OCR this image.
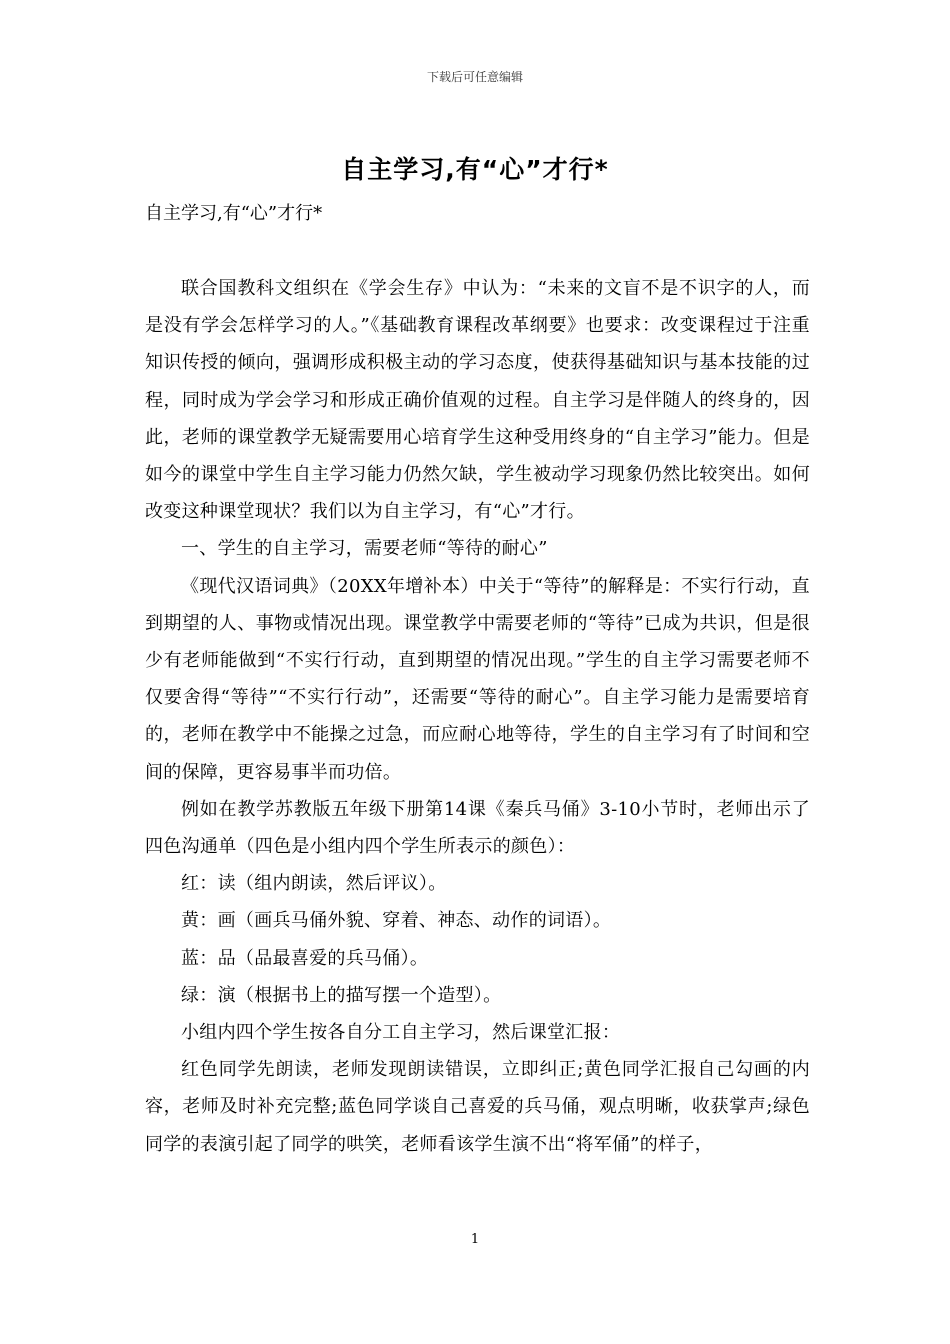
下载后可任意编辑
自主学习,有“心”才行*
自主学习,有“心”才行*

联合国教科文组织在《学会生存》中认为：“未来的文盲不是不识字的人，而是没有学会怎样学习的人。”《基础教育课程改革纲要》也要求：改变课程过于注重知识传授的倾向，强调形成积极主动的学习态度，使获得基础知识与基本技能的过程，同时成为学会学习和形成正确价值观的过程。自主学习是伴随人的终身的，因此，老师的课堂教学无疑需要用心培育学生这种受用终身的“自主学习”能力。但是如今的课堂中学生自主学习能力仍然欠缺，学生被动学习现象仍然比较突出。如何改变这种课堂现状？我们以为自主学习，有“心”才行。

一、学生的自主学习，需要老师“等待的耐心”

《现代汉语词典》（20XX年增补本）中关于“等待”的解释是：不实行行动，直到期望的人、事物或情况出现。课堂教学中需要老师的“等待”已成为共识，但是很少有老师能做到“不实行行动，直到期望的情况出现。”学生的自主学习需要老师不仅要舍得“等待”“不实行行动”，还需要“等待的耐心”。自主学习能力是需要培育的，老师在教学中不能操之过急，而应耐心地等待，学生的自主学习有了时间和空间的保障，更容易事半而功倍。

例如在教学苏教版五年级下册第14课《秦兵马俑》3-10小节时，老师出示了四色沟通单（四色是小组内四个学生所表示的颜色）：

红：读（组内朗读，然后评议）。

黄：画（画兵马俑外貌、穿着、神态、动作的词语）。

蓝：品（品最喜爱的兵马俑）。

绿：演（根据书上的描写摆一个造型）。

小组内四个学生按各自分工自主学习，然后课堂汇报：

红色同学先朗读，老师发现朗读错误，立即纠正;黄色同学汇报自己勾画的内容，老师及时补充完整;蓝色同学谈自己喜爱的兵马俑，观点明晰，收获掌声;绿色同学的表演引起了同学的哄笑，老师看该学生演不出“将军俑”的样子，

1
